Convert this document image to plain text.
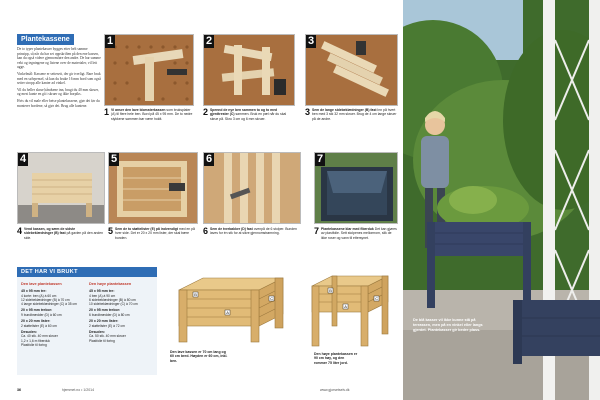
Plantekassene

De to typer plantekasser bygges etter helt samme prinsipp, så når du har set oppskriften på den ene kassen, kan du også videre gjennomføre den andre. De har samme vekt og tegningene og listene over de materialer, vil lett ugge.

Vinkelmål: Kassene er settesett, der gir tverligt. Bare bruk med en sølvpensel, så kan du bruke 16 mm bord som også setter stropp alle kanter ad vinkel.

Vil du heller skrue båndsene inn, brugt du 40 mm skruer, og mest kante en gå i skruer og ikke borpiks.

Hvis du vil male eller beise plantekassene, gjør det før du monterer bordene, så gjør det. Brug alle kantene.

1	2	3
1 Vi anser den lave blomsterkassen som bruksplater (A) til flere hele ben. Bord på 45 x 95 mm. De to nedre stykkene sammen bør være holdt.
2 Spennd de nye ben sammen to og to med gjerdtrester (C) sammen. Bruk en pæl når du skal skrue på. Skru 3 cm og 6 mm skruer.
3 Sem de lange sidebeklædninger (B) fast Inn på hvert ben med 3 stk 32 mm skruer. Brug de 4 cm lange skruer på de andre.
4	5	6	7
4 Vend kassen, og sæm de sidste sidebeklædninger (B) fast på gavlen på den anden side.
5 Sem de to støttelister (E) på indvendigt med en på hver side. Det er 20 x 20 mm lister, der skal bære bunden.
6 Sem de tverbakker (D) fast ovenpå de 6 stolper. Bunden laves for én stk for at sikre gjennomstrømning.	7 Plantekassene klar med fiberduk Det kan gjøres av plastfolie. Sett stolpenes mellomrom, slik de ikke roser og vann til ettersynet.
DET HAR VI BRUKT
Den lave plantekassen
45 x 95 mm tre:
4 korte: ben (A) à 60 cm
12 sidebeklædninger (B) à 70 cm
4 lange sidebeklædninger (C) à 35 cm
20 x 95 mm trebor:
9 bundbrædder (D) à 60 cm
20 x 20 mm lister:
2 støttelister (E) à 60 cm
Desuden:
Ca. 40 stk. 40 mm skruer
1,2 x 1,6 m fiberduk
Plastfolie til foring
Den høye plantekassen
45 x 95 mm tre:
4 ben (A) à 90 cm
6 sidebeklædninger (B) à 80 cm
10 sidebeklædninger (C) à 70 cm
20 x 95 mm trebor:
6 bundbrædder (D) à 80 cm
20 x 20 mm lister:
2 støttelister (E) à 72 cm
Desuden:
Ca. 50 stk. 40 mm skruer
Plastfolie til foring
B
A
C
Den lave kassen er 70 cm lang og 60 cm bred. Høyden er 60 cm, inkl. ben.
B
A
C
Den høye plantekassen er 90 cm høy, og den rommer 75 liter jord.
36	hjemmet.no • 1/2014	www.gjorsetselv.dk
De blå kasser vil ikke kunne stå på terrassen, men på en vinkel eller langs gjerdet. Plantekasser gir bedre plass.
